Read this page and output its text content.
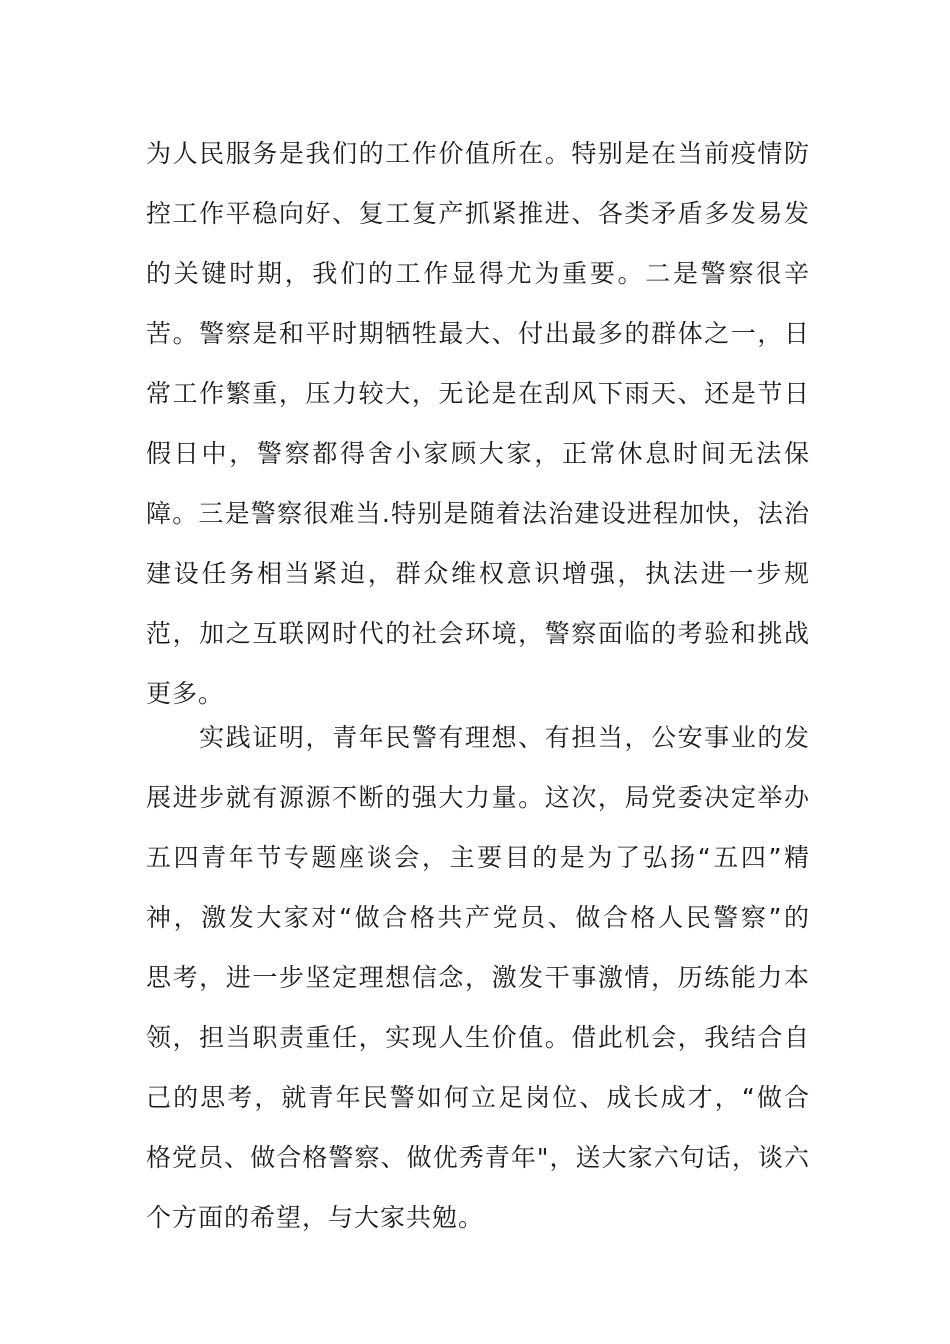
为人民服务是我们的工作价值所在。特别是在当前疫情防
控工作平稳向好、复工复产抓紧推进、各类矛盾多发易发
的关键时期，我们的工作显得尤为重要。二是警察很辛
苦。警察是和平时期牺牲最大、付出最多的群体之一，日
常工作繁重，压力较大，无论是在刮风下雨天、还是节日
假日中，警察都得舍小家顾大家，正常休息时间无法保
障。三是警察很难当.特别是随着法治建设进程加快，法治
建设任务相当紧迫，群众维权意识增强，执法进一步规
范，加之互联网时代的社会环境，警察面临的考验和挑战
更多。
　　实践证明，青年民警有理想、有担当，公安事业的发
展进步就有源源不断的强大力量。这次，局党委决定举办
五四青年节专题座谈会，主要目的是为了弘扬“五四”精
神，激发大家对“做合格共产党员、做合格人民警察”的
思考，进一步坚定理想信念，激发干事激情，历练能力本
领，担当职责重任，实现人生价值。借此机会，我结合自
己的思考，就青年民警如何立足岗位、成长成才，“做合
格党员、做合格警察、做优秀青年"，送大家六句话，谈六
个方面的希望，与大家共勉。
